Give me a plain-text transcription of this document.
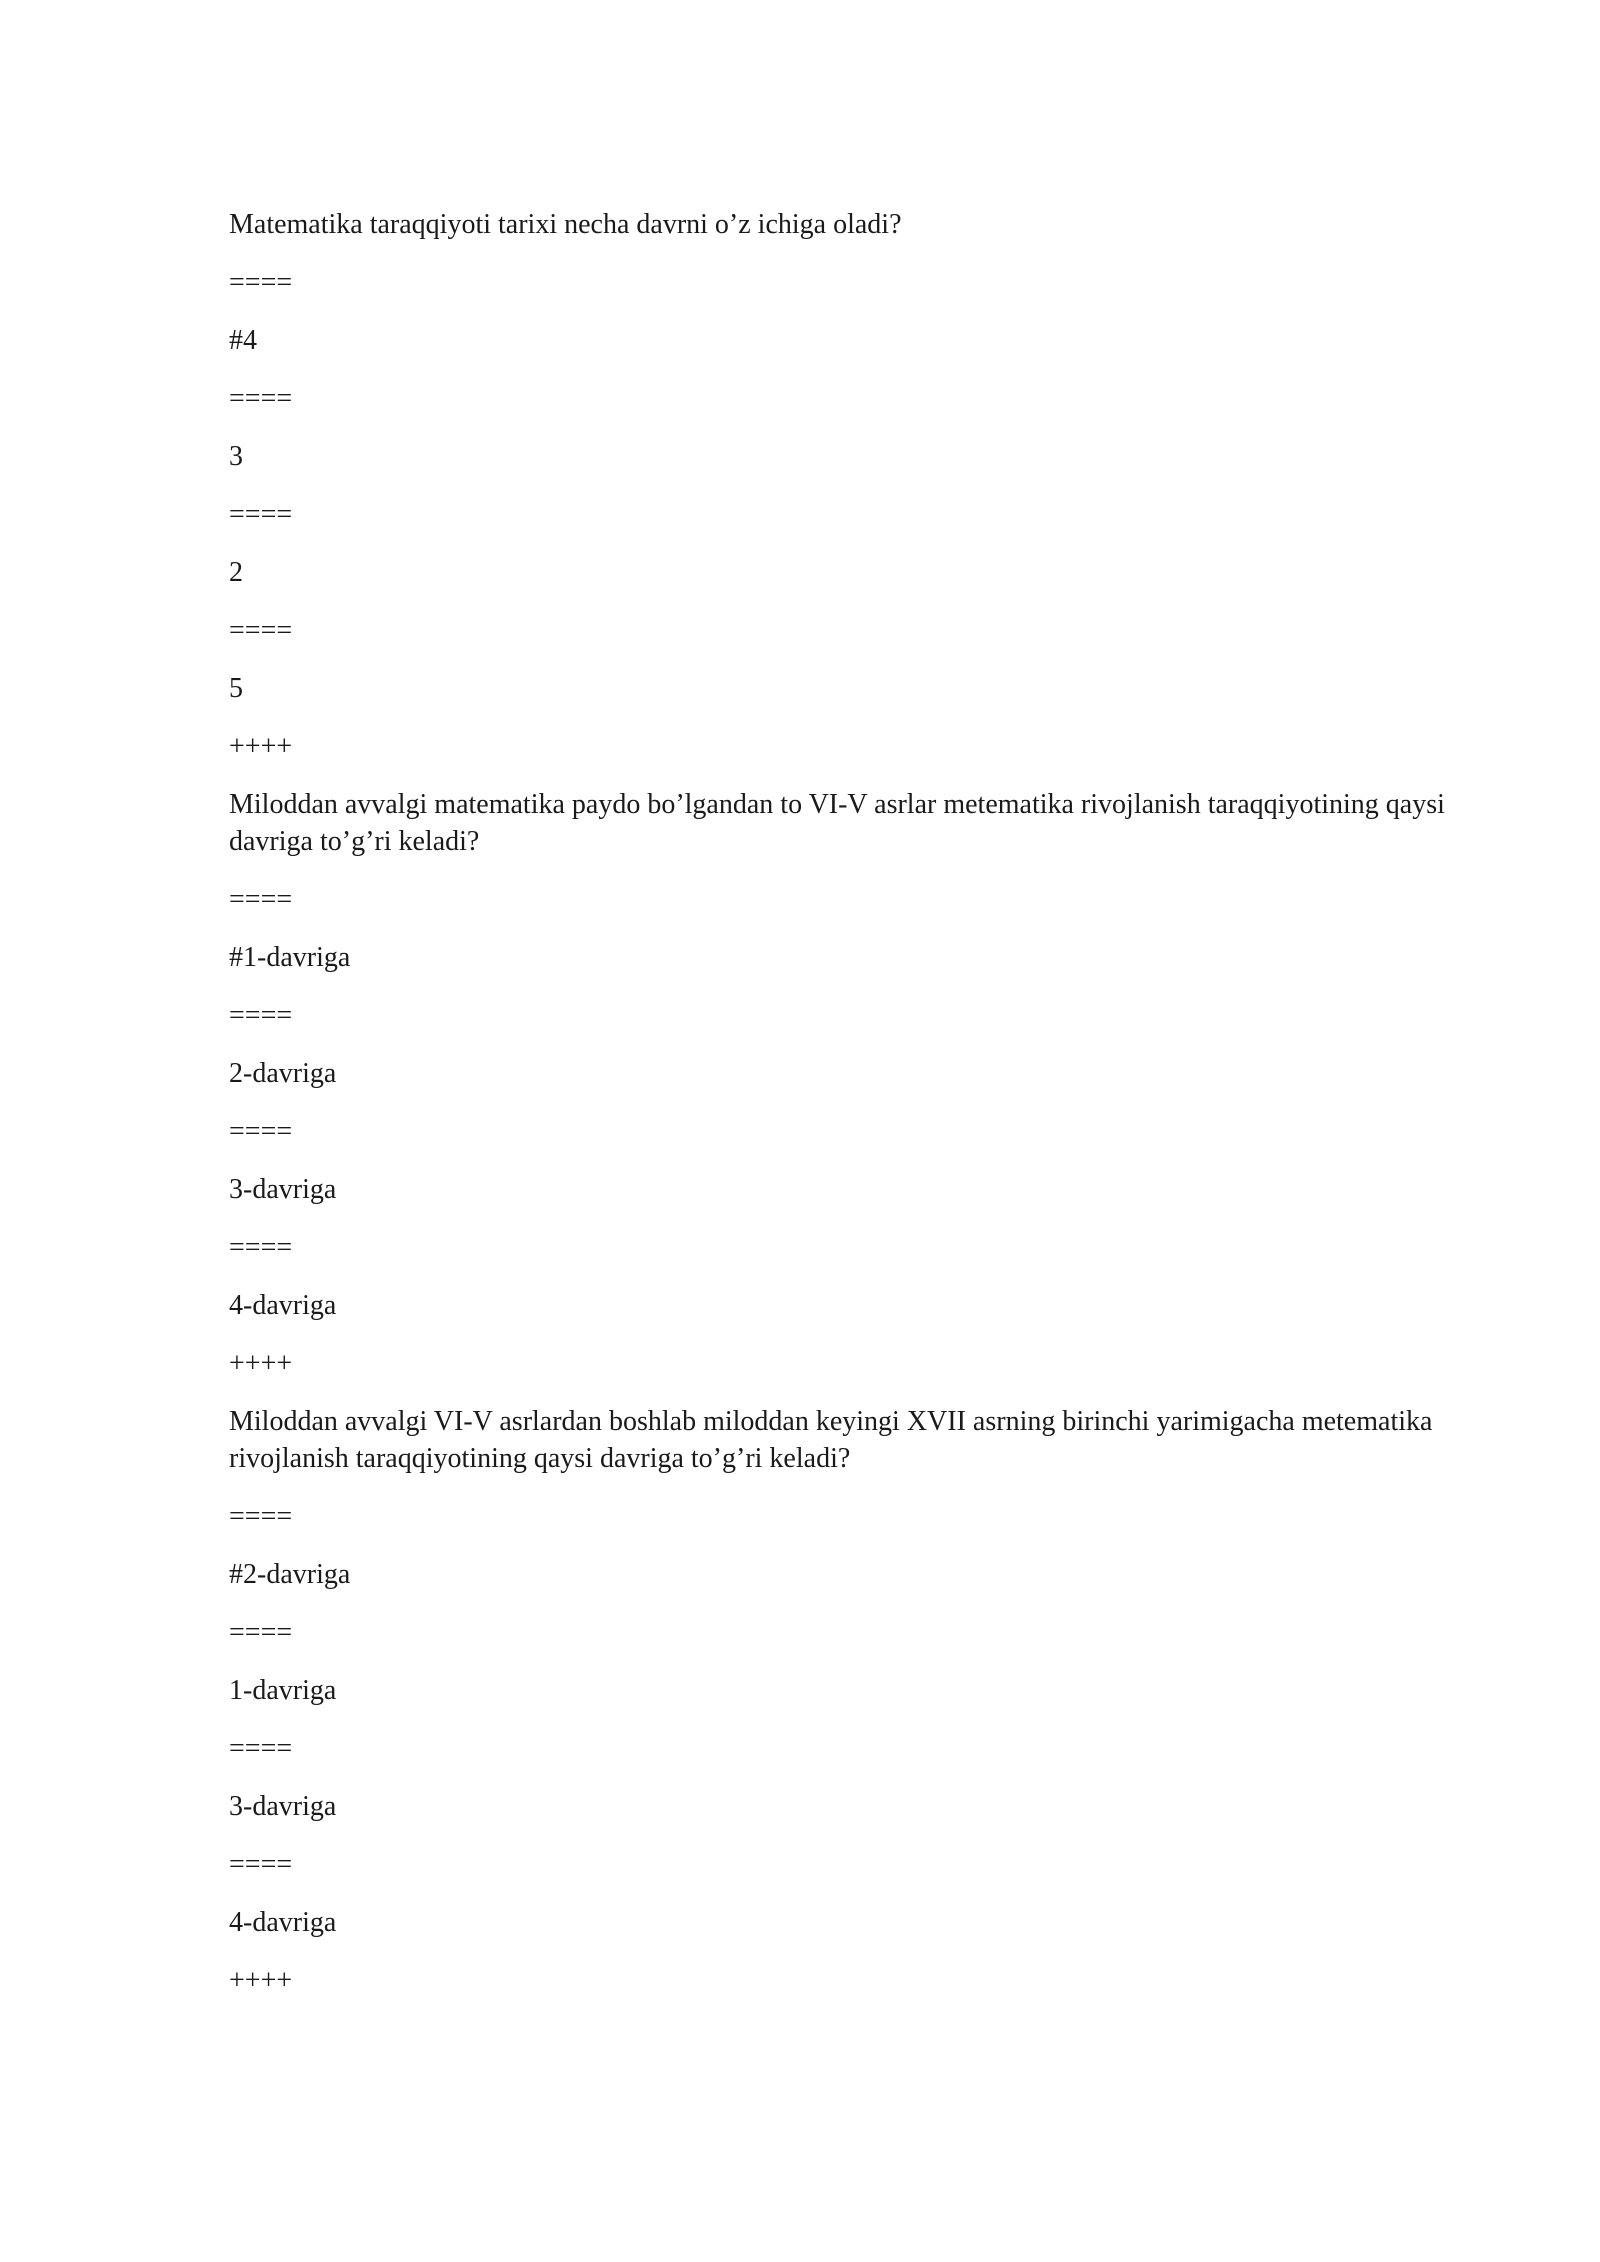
Matematika taraqqiyoti tarixi necha davrni o’z ichiga oladi?

====

#4

====

3

====

2

====

5

++++

Miloddan avvalgi matematika paydo bo’lgandan to VI-V asrlar metematika rivojlanish taraqqiyotining qaysi davriga to’g’ri keladi?

====

#1-davriga

====

2-davriga

====

3-davriga

====

4-davriga

++++

Miloddan avvalgi VI-V asrlardan boshlab miloddan keyingi XVII asrning birinchi yarimigacha metematika rivojlanish taraqqiyotining qaysi davriga to’g’ri keladi?

====

#2-davriga

====

1-davriga

====

3-davriga

====

4-davriga

++++
